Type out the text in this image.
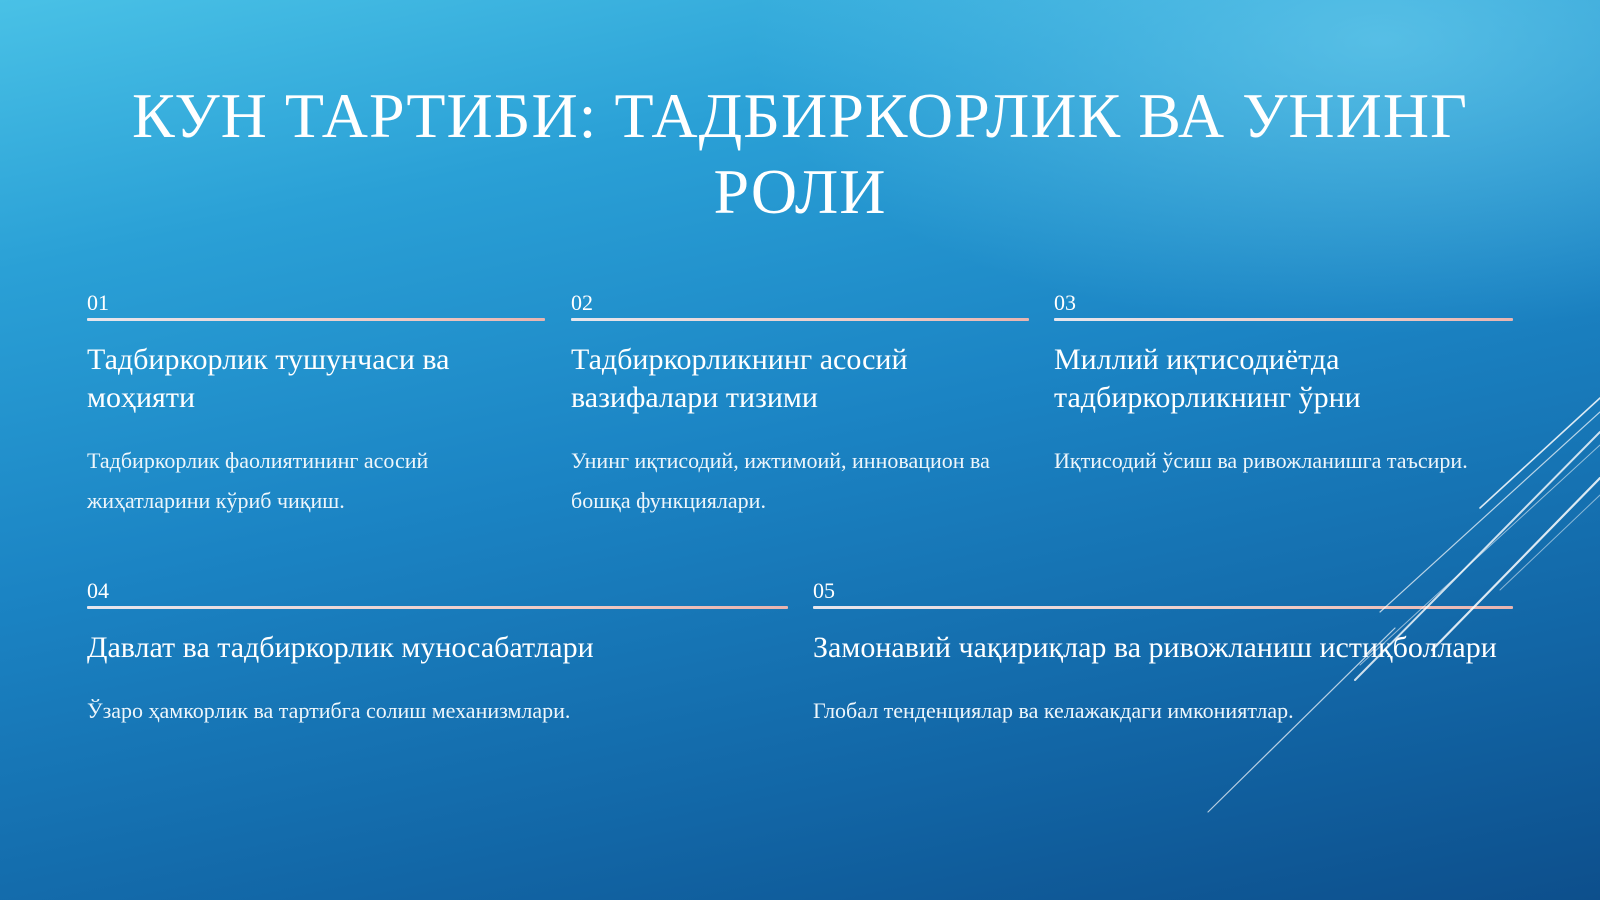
КУН ТАРТИБИ: ТАДБИРКОРЛИК ВА УНИНГ РОЛИ
01
Тадбиркорлик тушунчаси ва моҳияти

Тадбиркорлик фаолиятининг асосий жиҳатларини кўриб чиқиш.

02
Тадбиркорликнинг асосий вазифалари тизими

Унинг иқтисодий, ижтимоий, инновацион ва бошқа функциялари.

03
Миллий иқтисодиётда тадбиркорликнинг ўрни

Иқтисодий ўсиш ва ривожланишга таъсири.

04
Давлат ва тадбиркорлик муносабатлари

Ўзаро ҳамкорлик ва тартибга солиш механизмлари.

05
Замонавий чақириқлар ва ривожланиш истиқболлари

Глобал тенденциялар ва келажакдаги имкониятлар.
